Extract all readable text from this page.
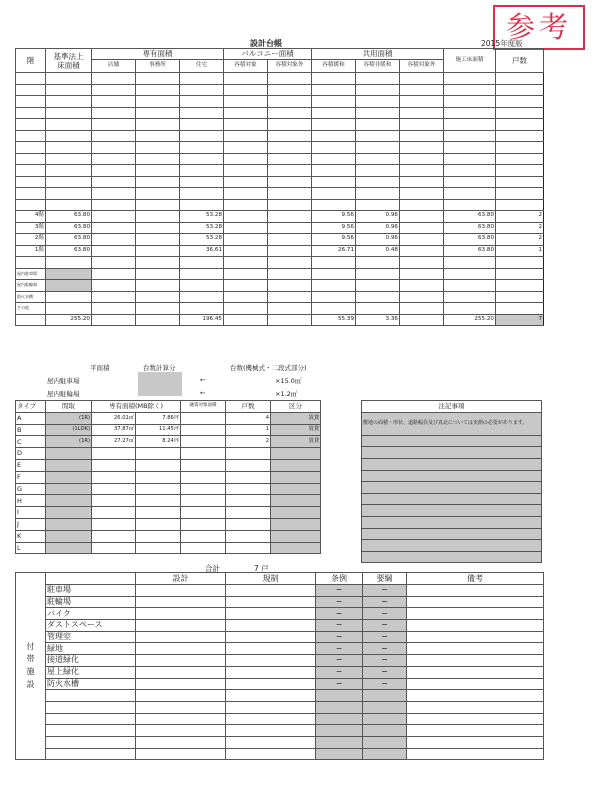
参考
設計台帳	2015年度版
階	基準法上
床面積	専有面積			バルコニー面積		共用面積			施工床面積	戸数
		店舗	事務所	住宅	容積対象	容積対象外	容積緩和	容積非緩和	容積対象外		

4階	63.80			53.28			9.56	0.96		63.80	2
3階	63.80			53.28			9.56	0.96		63.80	2
2階	63.80			53.28			9.56	0.96		63.80	2
1階	63.80			36.61			26.71	0.48		63.80	1

屋内駐車場											
屋内駐輪場											
防火水槽											
その他											
	255.20			196.45			55.39	3.36		255.20	7
平面積	台数計算分	台数(機械式・二段式部分)
屋内駐車場	←	×15.0㎡
屋内駐輪場	←	×1.2㎡
タイプ	間取	専有面積(MB除く)		融資対象面積	戸数	区分
A	(1R)	26.01㎡	7.86坪		4	賃貸
B	(1LDK)	37.87㎡	11.45坪		1	賃貸
C	(1R)	27.27㎡	8.24坪		2	賃貸
D						
E						
F						
G						
H						
I						
J						
K						
L						
合計	7 戸
注記事項
敷地の面積・形状、道路幅員及び真北については実測の必要があります。

付
帯
施
設		設計	規制	条例	要綱	備考
	駐車場			−	−	
	駐輪場			−	−	
	バイク			−	−	
	ダストスペース			−	−	
	管理室			−	−	
	緑地			−	−	
	接道緑化			−	−	
	屋上緑化			−	−	
	防火水槽			−	−	
